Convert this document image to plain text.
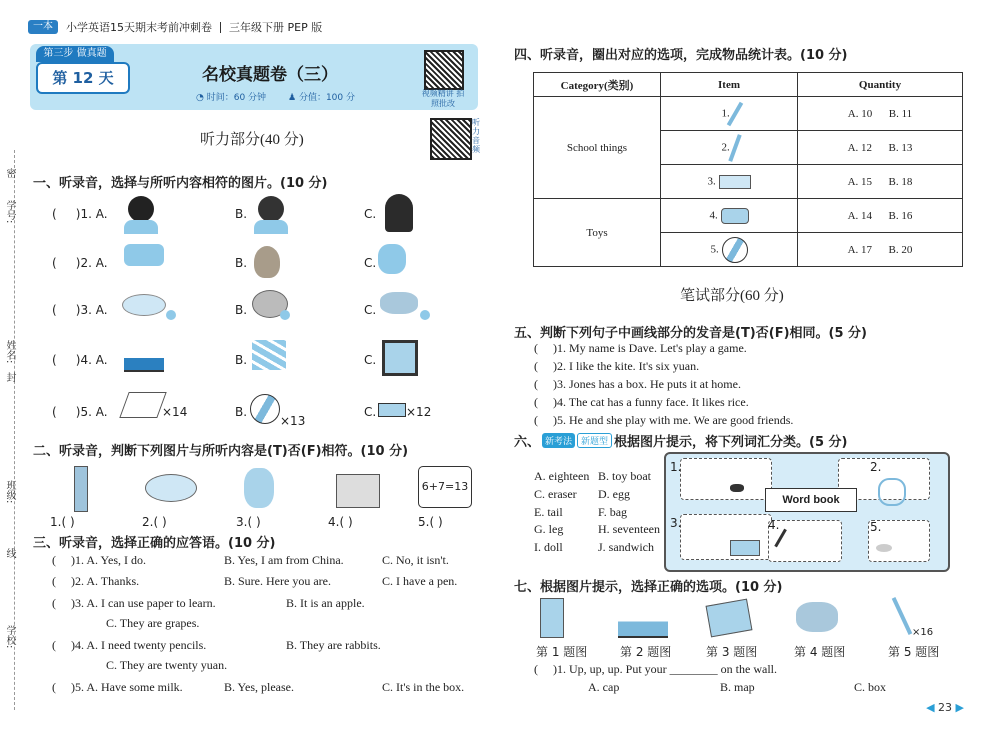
一本	小学英语15天期末考前冲刺卷 三年级下册 PEP 版
密
学号:
姓名:
封
班级:
线
学校:
第三步 做真题
第 12 天	名校真题卷（三）
◔ 时间：60 分钟 ♟ 分值：100 分	视频精讲 拍照批改
听力部分(40 分)
听力音频
一、听录音，选择与所听内容相符的图片。(10 分)
(     )1. A.	B.	C.
(     )2. A.	B.	C.
(     )3. A.	B.	C.
(     )4. A.	B.	C.
(     )5. A.	B.	C.
×14
×13
×12
二、听录音，判断下列图片与所听内容是(T)否(F)相符。(10 分)
6+7=13
1.( )	2.( )	3.( )	4.( )	5.( )
三、听录音，选择正确的应答语。(10 分)
(     )1. A. Yes, I do.	B. Yes, I am from China.	C. No, it isn't.
(     )2. A. Thanks.	B. Sure. Here you are.	C. I have a pen.
(     )3. A. I can use paper to learn.	B. It is an apple.
C. They are grapes.
(     )4. A. I need twenty pencils.	B. They are rabbits.
C. They are twenty yuan.
(     )5. A. Have some milk.	B. Yes, please.	C. It's in the box.
四、听录音，圈出对应的选项，完成物品统计表。(10 分)
Category(类别)	Item	Quantity
School things	1.	A. 10 B. 11
	2.	A. 12 B. 13
	3.	A. 15 B. 18
Toys	4.	A. 14 B. 16
	5.	A. 17 B. 20
笔试部分(60 分)
五、判断下列句子中画线部分的发音是(T)否(F)相同。(5 分)
(     )1. My name is Dave. Let's play a game.
(     )2. I like the kite. It's six yuan.
(     )3. Jones has a box. He puts it at home.
(     )4. The cat has a funny face. It likes rice.
(     )5. He and she play with me. We are good friends.
六、 新考法	新题型 根据图片提示，将下列词汇分类。(5 分)
A. eighteen B. toy boat
C. eraser D. egg
E. tail	F. bag
G. leg	H. seventeen
I. doll	J. sandwich
1.	2.
3.	4.	5.
Word book
七、根据图片提示，选择正确的选项。(10 分)
×16
第 1 题图	第 2 题图	第 3 题图	第 4 题图	第 5 题图
(     )1. Up, up, up. Put your ________ on the wall.
A. cap	B. map	C. box
◀ 23 ▶
